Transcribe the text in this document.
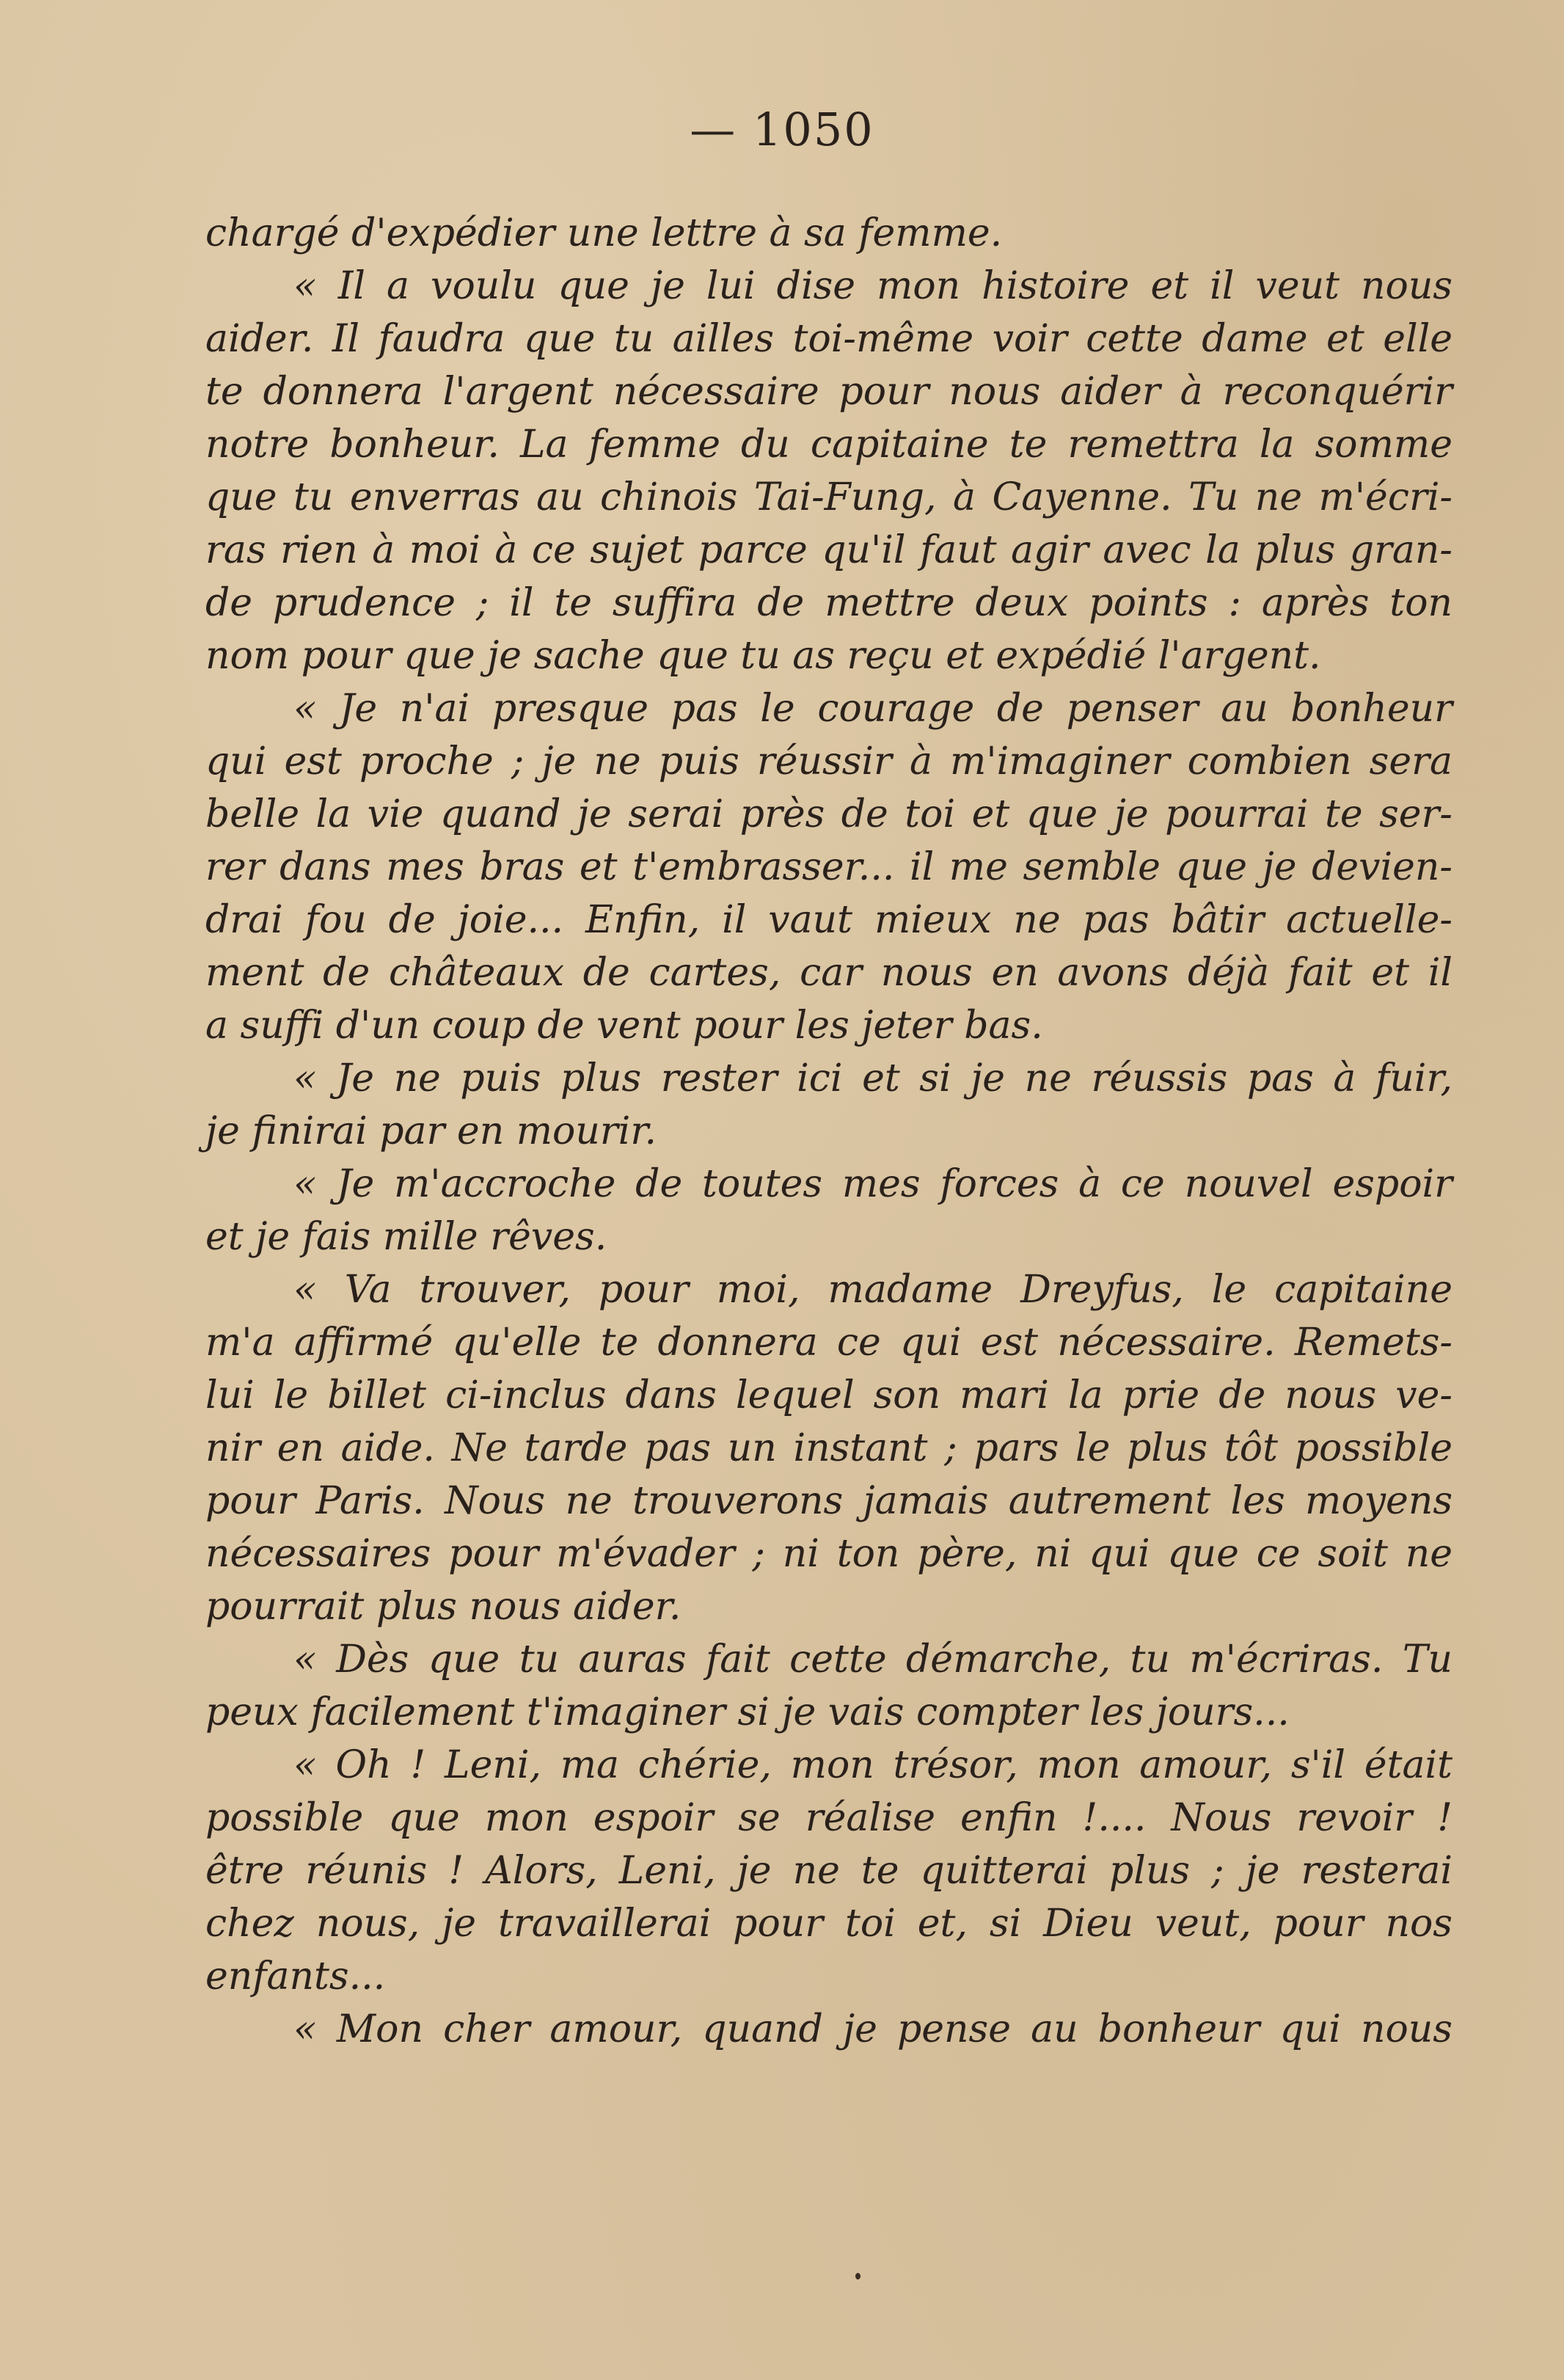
— 1050
chargé d'expédier une lettre à sa femme.
« Il a voulu que je lui dise mon histoire et il veut nous
aider. Il faudra que tu ailles toi-même voir cette dame et elle
te donnera l'argent nécessaire pour nous aider à reconquérir
notre bonheur. La femme du capitaine te remettra la somme
que tu enverras au chinois Tai-Fung, à Cayenne. Tu ne m'écri-
ras rien à moi à ce sujet parce qu'il faut agir avec la plus gran-
de prudence ; il te suffira de mettre deux points : après ton
nom pour que je sache que tu as reçu et expédié l'argent.
« Je n'ai presque pas le courage de penser au bonheur
qui est proche ; je ne puis réussir à m'imaginer combien sera
belle la vie quand je serai près de toi et que je pourrai te ser-
rer dans mes bras et t'embrasser... il me semble que je devien-
drai fou de joie... Enfin, il vaut mieux ne pas bâtir actuelle-
ment de châteaux de cartes, car nous en avons déjà fait et il
a suffi d'un coup de vent pour les jeter bas.
« Je ne puis plus rester ici et si je ne réussis pas à fuir,
je finirai par en mourir.
« Je m'accroche de toutes mes forces à ce nouvel espoir
et je fais mille rêves.
« Va trouver, pour moi, madame Dreyfus, le capitaine
m'a affirmé qu'elle te donnera ce qui est nécessaire. Remets-
lui le billet ci-inclus dans lequel son mari la prie de nous ve-
nir en aide. Ne tarde pas un instant ; pars le plus tôt possible
pour Paris. Nous ne trouverons jamais autrement les moyens
nécessaires pour m'évader ; ni ton père, ni qui que ce soit ne
pourrait plus nous aider.
« Dès que tu auras fait cette démarche, tu m'écriras. Tu
peux facilement t'imaginer si je vais compter les jours...
« Oh ! Leni, ma chérie, mon trésor, mon amour, s'il était
possible que mon espoir se réalise enfin !.... Nous revoir !
être réunis ! Alors, Leni, je ne te quitterai plus ; je resterai
chez nous, je travaillerai pour toi et, si Dieu veut, pour nos
enfants...
« Mon cher amour, quand je pense au bonheur qui nous
